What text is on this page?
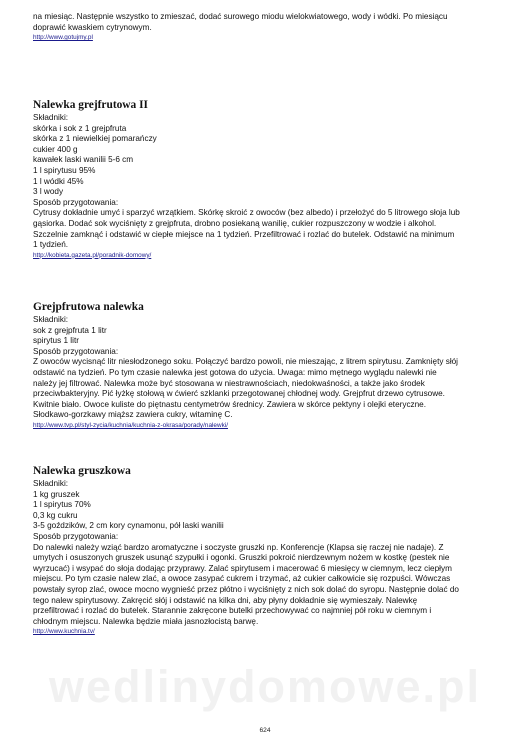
na miesiąc. Następnie wszystko to zmieszać, dodać surowego miodu wielokwiatowego, wody i wódki. Po miesiącu
doprawić kwaskiem cytrynowym.
http://www.gotujmy.pl
Nalewka grejfrutowa II
Składniki:
skórka i sok z 1 grejpfruta
skórka z 1 niewielkiej pomarańczy
cukier 400 g
kawałek laski wanilii 5-6 cm
1 l spirytusu 95%
1 l wódki 45%
3 l wody
Sposób przygotowania:
Cytrusy dokładnie umyć i sparzyć wrzątkiem. Skórkę skroić z owoców (bez albedo) i przełożyć do 5 litrowego słoja lub
gąsiorka. Dodać sok wyciśnięty z grejpfruta, drobno posiekaną wanilię, cukier rozpuszczony w wodzie i alkohol.
Szczelnie zamknąć i odstawić w ciepłe miejsce na 1 tydzień. Przefiltrować i rozlać do butelek. Odstawić na minimum
1 tydzień.
http://kobieta.gazeta.pl/poradnik-domowy/
Grejpfrutowa nalewka
Składniki:
sok z grejpfruta 1 litr
spirytus 1 litr
Sposób przygotowania:
Z owoców wycisnąć litr niesłodzonego soku. Połączyć bardzo powoli, nie mieszając, z litrem spirytusu. Zamknięty słój
odstawić na tydzień. Po tym czasie nalewka jest gotowa do użycia. Uwaga: mimo mętnego wyglądu nalewki nie
należy jej filtrować. Nalewka może być stosowana w niestrawnościach, niedokwaśności, a także jako środek
przeciwbakteryjny. Pić łyżkę stołową w ćwierć szklanki przegotowanej chłodnej wody. Grejpfrut drzewo cytrusowe.
Kwitnie biało. Owoce kuliste do piętnastu centymetrów średnicy. Zawiera w skórce pektyny i olejki eteryczne.
Słodkawo-gorzkawy miąższ zawiera cukry, witaminę C.
http://www.tvp.pl/styl-zycia/kuchnia/kuchnia-z-okrasa/porady/nalewki/
Nalewka gruszkowa
Składniki:
1 kg gruszek
1 l spirytus 70%
0,3 kg cukru
3-5 goździków, 2 cm kory cynamonu, pół laski wanilii
Sposób przygotowania:
Do nalewki należy wziąć bardzo aromatyczne i soczyste gruszki np. Konferencje (Klapsa się raczej nie nadaje). Z
umytych i osuszonych gruszek usunąć szypułki i ogonki. Gruszki pokroić nierdzewnym nożem w kostkę (pestek nie
wyrzucać) i wsypać do słoja dodając przyprawy. Zalać spirytusem i macerować 6 miesięcy w ciemnym, lecz ciepłym
miejscu. Po tym czasie nalew zlać, a owoce zasypać cukrem i trzymać, aż cukier całkowicie się rozpuści. Wówczas
powstały syrop zlać, owoce mocno wygnieść przez płótno i wyciśnięty z nich sok dolać do syropu. Następnie dolać do
tego nalew spirytusowy. Zakręcić słój i odstawić na kilka dni, aby płyny dokładnie się wymieszały. Nalewkę
przefiltrować i rozlać do butelek. Starannie zakręcone butelki przechowywać co najmniej pół roku w ciemnym i
chłodnym miejscu. Nalewka będzie miała jasnozłocistą barwę.
http://www.kuchnia.tv/
wedlinydomowe.pl
624
